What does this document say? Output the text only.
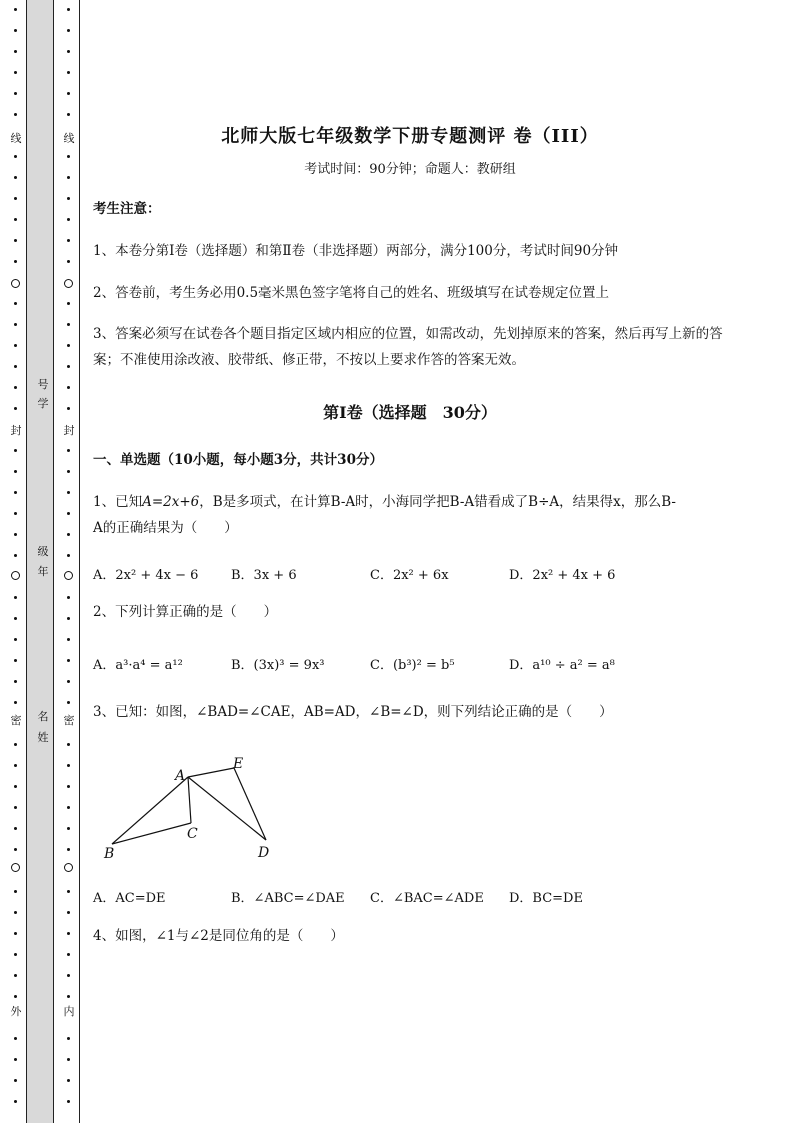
线
封
密
外
线
封
密
内
号
学
级
年
名
姓
北师大版七年级数学下册专题测评 卷（III）
考试时间：90分钟；命题人：教研组
考生注意：
1、本卷分第I卷（选择题）和第Ⅱ卷（非选择题）两部分，满分100分，考试时间90分钟
2、答卷前，考生务必用0.5毫米黑色签字笔将自己的姓名、班级填写在试卷规定位置上
3、答案必须写在试卷各个题目指定区域内相应的位置，如需改动，先划掉原来的答案，然后再写上新的答案；不准使用涂改液、胶带纸、修正带，不按以上要求作答的答案无效。
第I卷（选择题　30分）
一、单选题（10小题，每小题3分，共计30分）
1、已知A=2x+6，B是多项式，在计算B-A时，小海同学把B-A错看成了B÷A，结果得x，那么B-
A的正确结果为（　　）
A．2x² + 4x − 6	B．3x + 6	C．2x² + 6x	D．2x² + 4x + 6
2、下列计算正确的是（　　）
A．a³·a⁴ = a¹²	B．(3x)³ = 9x³	C．(b³)² = b⁵	D．a¹⁰ ÷ a² = a⁸
3、已知：如图，∠BAD=∠CAE，AB=AD，∠B=∠D，则下列结论正确的是（　　）
A
E
B
C
D
A．AC=DE	B．∠ABC=∠DAE C．∠BAC=∠ADE D．BC=DE
4、如图，∠1与∠2是同位角的是（　　）
